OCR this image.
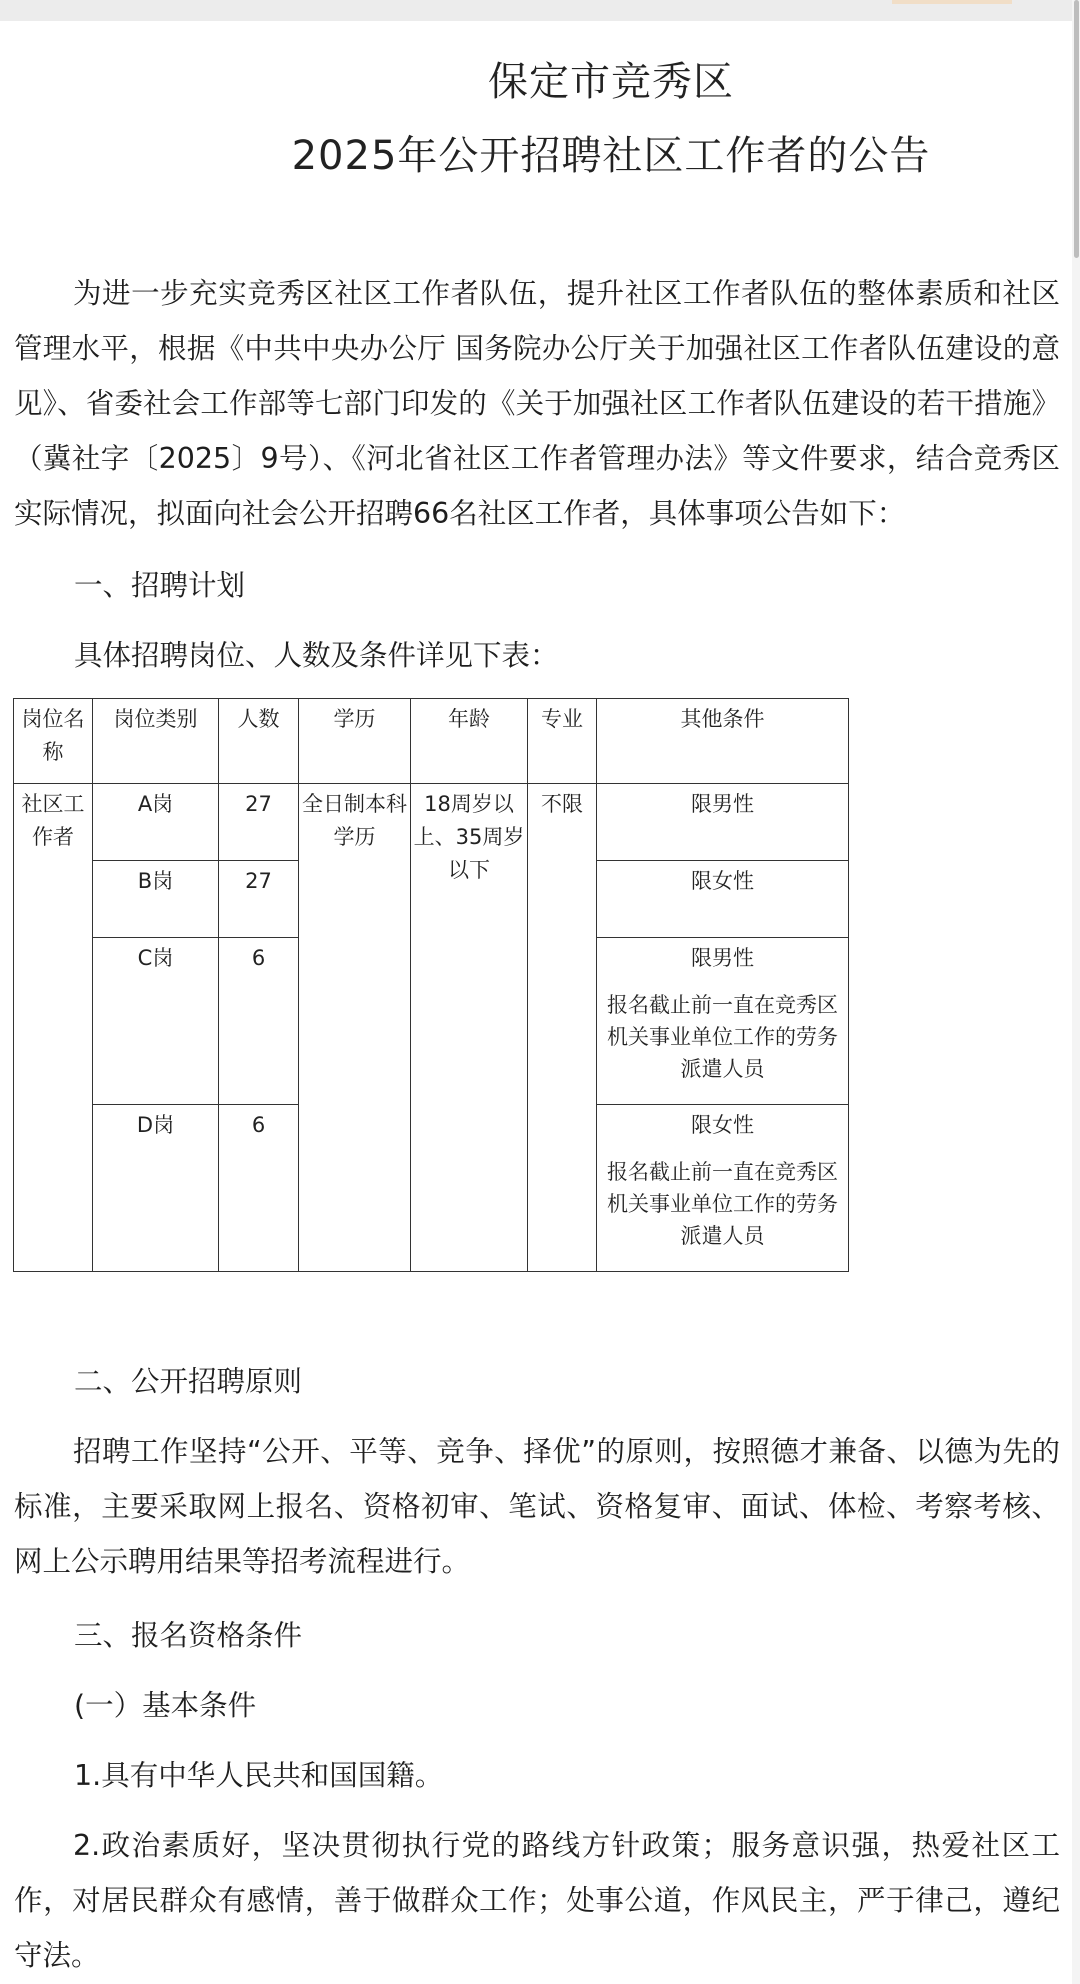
保定市竞秀区
2025年公开招聘社区工作者的公告

为进一步充实竞秀区社区工作者队伍，提升社区工作者队伍的整体素质和社区管理水平，根据《中共中央办公厅 国务院办公厅关于加强社区工作者队伍建设的意见》、省委社会工作部等七部门印发的《关于加强社区工作者队伍建设的若干措施》（冀社字〔2025〕9号）、《河北省社区工作者管理办法》等文件要求，结合竞秀区实际情况，拟面向社会公开招聘66名社区工作者，具体事项公告如下：

一、招聘计划
具体招聘岗位、人数及条件详见下表：
岗位名称	岗位类别	人数	学历	年龄	专业	其他条件
社区工作者	A岗	27	全日制本科学历	18周岁以上、35周岁以下	不限	限男性
	B岗	27				限女性
	C岗	6				限男性
报名截止前一直在竞秀区机关事业单位工作的劳务派遣人员

	D岗	6				限女性
报名截止前一直在竞秀区机关事业单位工作的劳务派遣人员
二、公开招聘原则

招聘工作坚持“公开、平等、竞争、择优”的原则，按照德才兼备、以德为先的标准，主要采取网上报名、资格初审、笔试、资格复审、面试、体检、考察考核、网上公示聘用结果等招考流程进行。

三、报名资格条件
(一）基本条件
1.具有中华人民共和国国籍。

2.政治素质好，坚决贯彻执行党的路线方针政策；服务意识强，热爱社区工作，对居民群众有感情，善于做群众工作；处事公道，作风民主，严于律己，遵纪守法。
